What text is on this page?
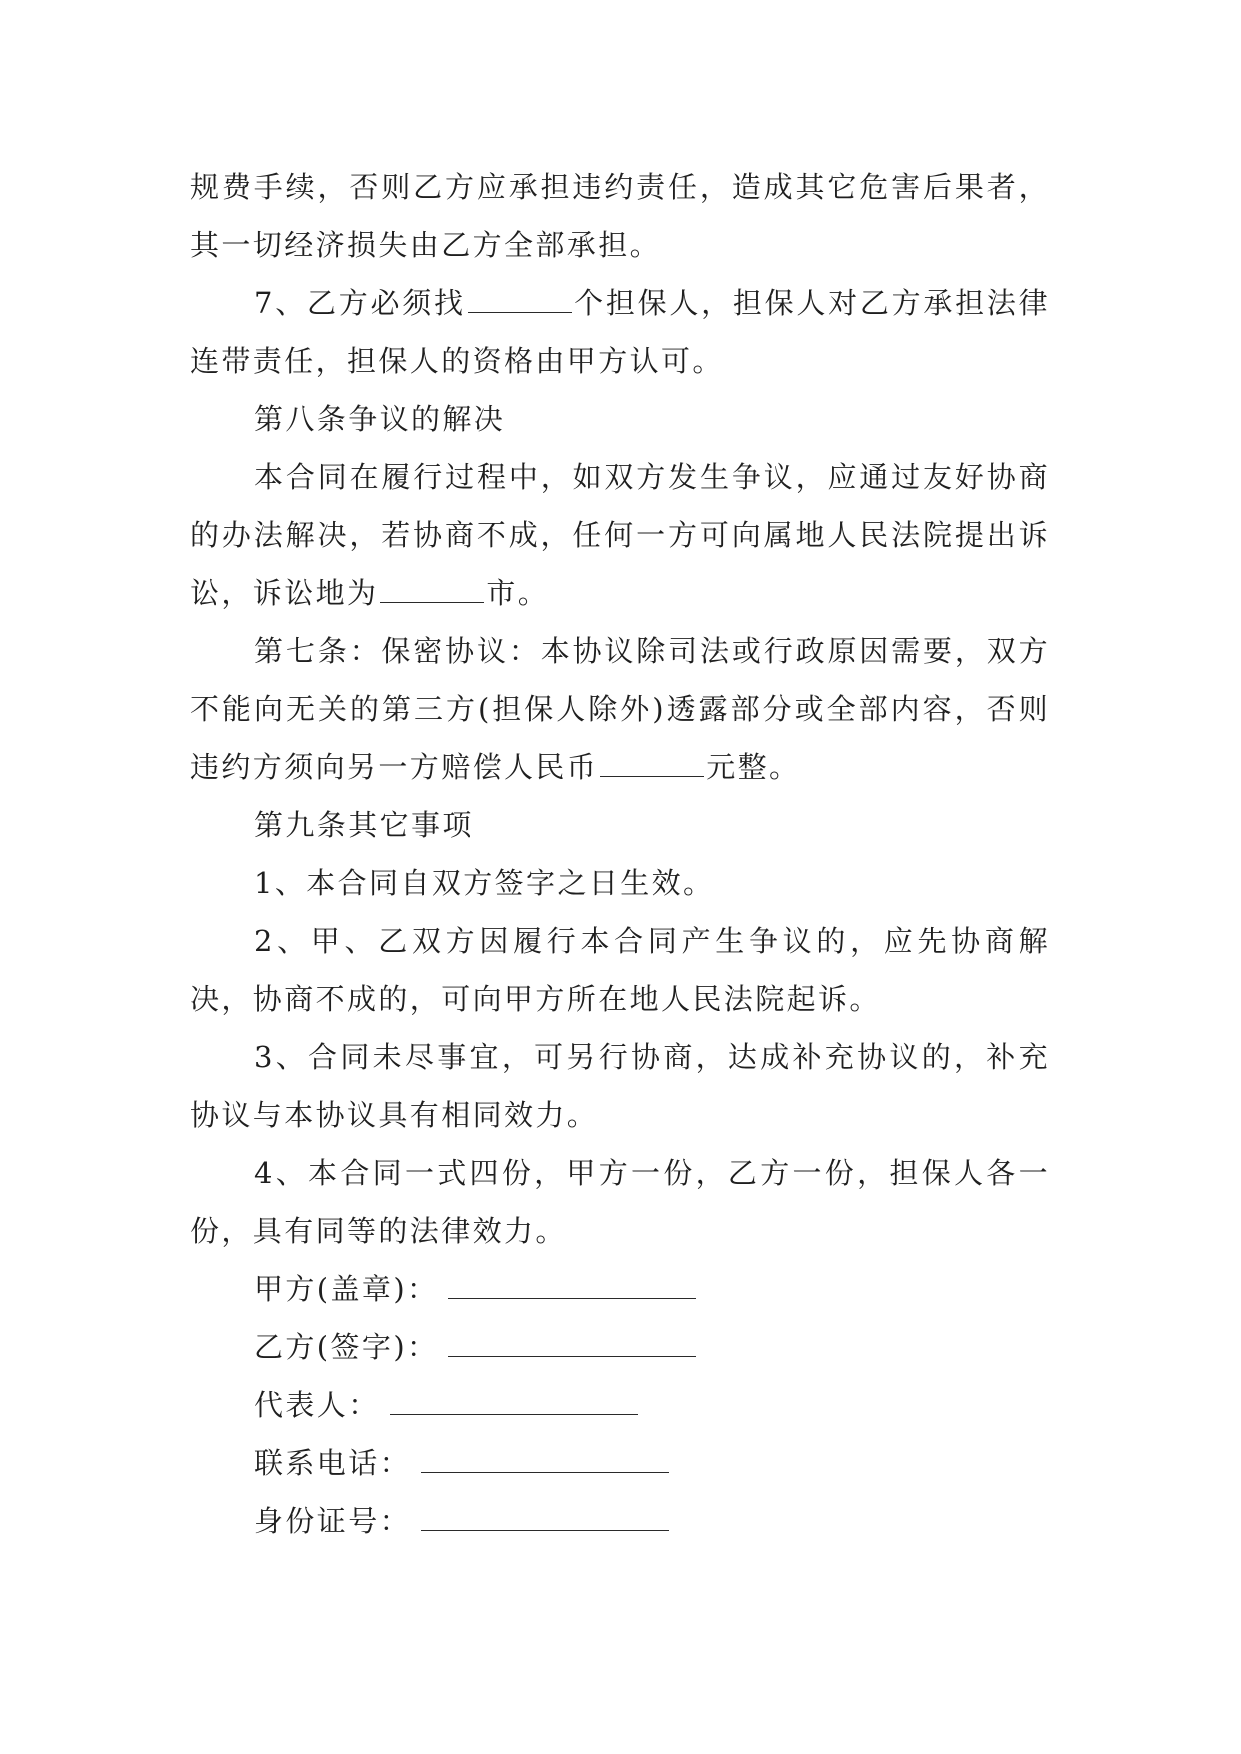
规费手续，否则乙方应承担违约责任，造成其它危害后果者，其一切经济损失由乙方全部承担。

7、乙方必须找	个担保人，担保人对乙方承担法律连带责任，担保人的资格由甲方认可。

第八条争议的解决

本合同在履行过程中，如双方发生争议，应通过友好协商的办法解决，若协商不成，任何一方可向属地人民法院提出诉讼，诉讼地为	市。

第七条：保密协议：本协议除司法或行政原因需要，双方不能向无关的第三方(担保人除外)透露部分或全部内容，否则违约方须向另一方赔偿人民币	元整。

第九条其它事项

1、本合同自双方签字之日生效。

2、甲、乙双方因履行本合同产生争议的，应先协商解决，协商不成的，可向甲方所在地人民法院起诉。

3、合同未尽事宜，可另行协商，达成补充协议的，补充协议与本协议具有相同效力。

4、本合同一式四份，甲方一份，乙方一份，担保人各一份，具有同等的法律效力。

甲方(盖章)：
乙方(签字)：
代表人：
联系电话：
身份证号：
